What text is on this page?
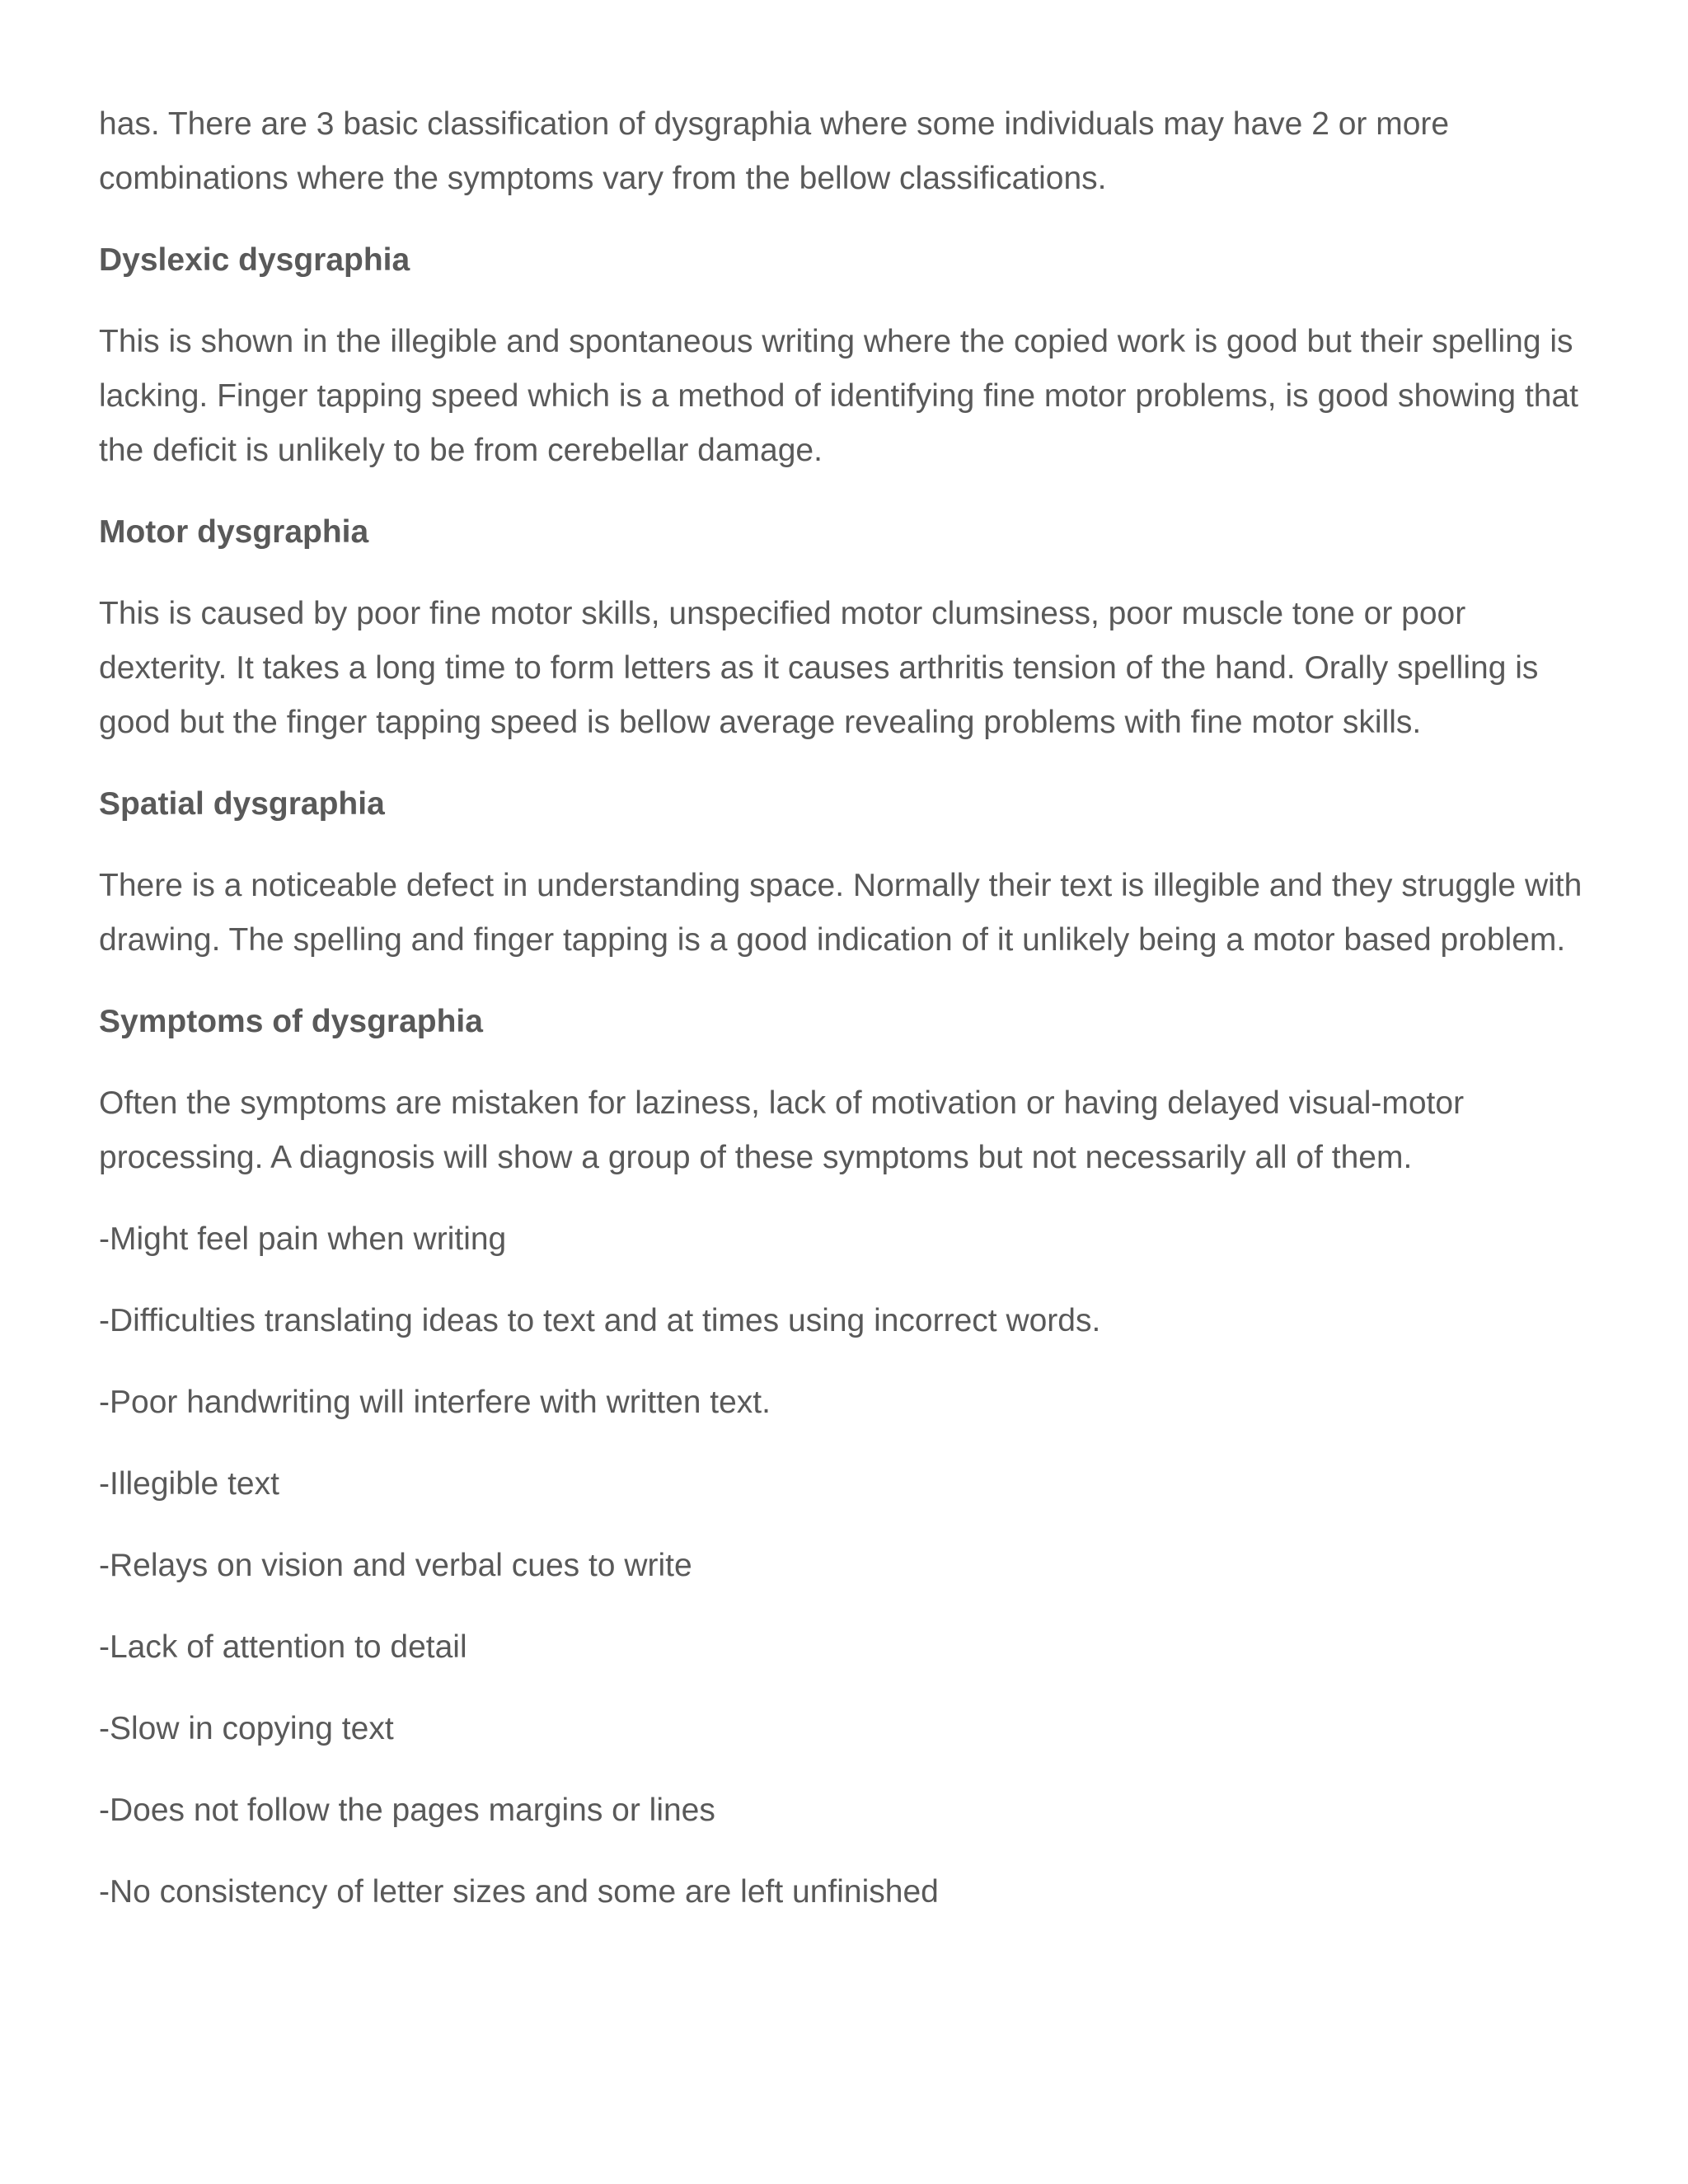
has. There are 3 basic classification of dysgraphia where some individuals may have 2 or more combinations where the symptoms vary from the bellow classifications.

Dyslexic dysgraphia

This is shown in the illegible and spontaneous writing where the copied work is good but their spelling is lacking. Finger tapping speed which is a method of identifying fine motor problems, is good showing that the deficit is unlikely to be from cerebellar damage.

Motor dysgraphia

This is caused by poor fine motor skills, unspecified motor clumsiness, poor muscle tone or poor dexterity. It takes a long time to form letters as it causes arthritis tension of the hand. Orally spelling is good but the finger tapping speed is bellow average revealing problems with fine motor skills.

Spatial dysgraphia

There is a noticeable defect in understanding space. Normally their text is illegible and they struggle with drawing. The spelling and finger tapping is a good indication of it unlikely being a motor based problem.

Symptoms of dysgraphia

Often the symptoms are mistaken for laziness, lack of motivation or having delayed visual-motor processing. A diagnosis will show a group of these symptoms but not necessarily all of them.

-Might feel pain when writing
-Difficulties translating ideas to text and at times using incorrect words.
-Poor handwriting will interfere with written text.
-Illegible text
-Relays on vision and verbal cues to write
-Lack of attention to detail
-Slow in copying text
-Does not follow the pages margins or lines
-No consistency of letter sizes and some are left unfinished
